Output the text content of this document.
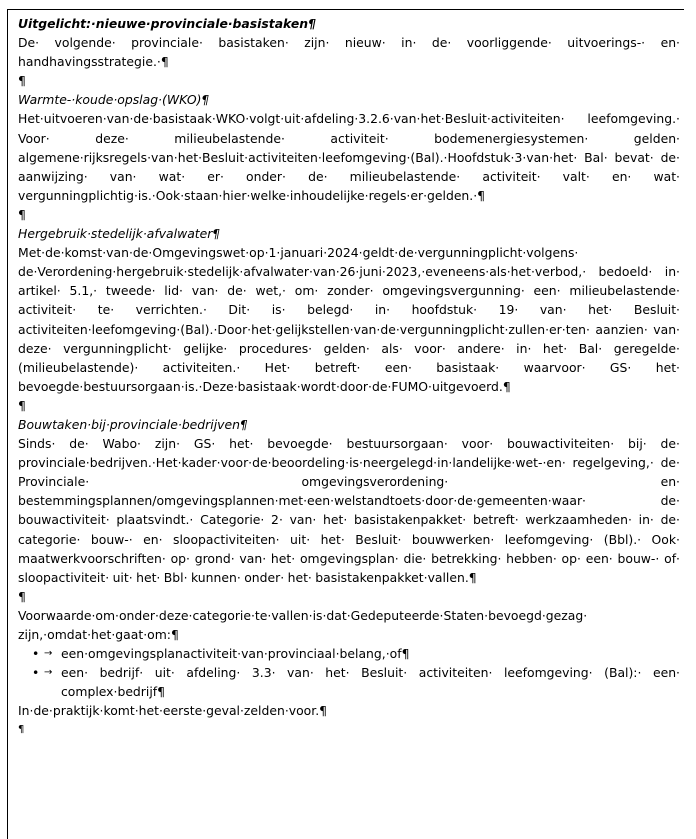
Uitgelicht:·nieuwe·provinciale·basistaken¶

De· volgende· provinciale· basistaken· zijn· nieuw· in· de· voorliggende· uitvoerings-· en· handhavingsstrategie.·¶

¶

Warmte-·koude·opslag·(WKO)¶

Het·uitvoeren·van·de·basistaak·WKO·volgt·uit·afdeling·3.2.6·van·het·Besluit·activiteiten· leefomgeving.· Voor· deze· milieubelastende· activiteit· bodemenergiesystemen· gelden· algemene·rijksregels·van·het·Besluit·activiteiten·leefomgeving·(Bal).·Hoofdstuk·3·van·het· Bal· bevat· de· aanwijzing· van· wat· er· onder· de· milieubelastende· activiteit· valt· en· wat· vergunningplichtig·is.·Ook·staan·hier·welke·inhoudelijke·regels·er·gelden.·¶

¶

Hergebruik·stedelijk·afvalwater¶

Met·de·komst·van·de·Omgevingswet·op·1·januari·2024·geldt·de·vergunningplicht·volgens· de·Verordening·hergebruik·stedelijk·afvalwater·van·26·juni·2023,·eveneens·als·het·verbod,· bedoeld· in· artikel· 5.1,· tweede· lid· van· de· wet,· om· zonder· omgevingsvergunning· een· milieubelastende· activiteit· te· verrichten.· Dit· is· belegd· in· hoofdstuk· 19· van· het· Besluit· activiteiten·leefomgeving·(Bal).·Door·het·gelijkstellen·van·de·vergunningplicht·zullen·er·ten· aanzien· van· deze· vergunningplicht· gelijke· procedures· gelden· als· voor· andere· in· het· Bal· geregelde· (milieubelastende)· activiteiten.· Het· betreft· een· basistaak· waarvoor· GS· het· bevoegde·bestuursorgaan·is.·Deze·basistaak·wordt·door·de·FUMO·uitgevoerd.¶

¶

Bouwtaken·bij·provinciale·bedrijven¶

Sinds· de· Wabo· zijn· GS· het· bevoegde· bestuursorgaan· voor· bouwactiviteiten· bij· de· provinciale·bedrijven.·Het·kader·voor·de·beoordeling·is·neergelegd·in·landelijke·wet-·en· regelgeving,· de· Provinciale· omgevingsverordening· en· bestemmingsplannen/omgevingsplannen·met·een·welstandtoets·door·de·gemeenten·waar· de· bouwactiviteit· plaatsvindt.· Categorie· 2· van· het· basistakenpakket· betreft· werkzaamheden· in· de· categorie· bouw-· en· sloopactiviteiten· uit· het· Besluit· bouwwerken· leefomgeving· (Bbl).· Ook· maatwerkvoorschriften· op· grond· van· het· omgevingsplan· die· betrekking· hebben· op· een· bouw-· of· sloopactiviteit· uit· het· Bbl· kunnen· onder· het· basistakenpakket·vallen.¶

¶

Voorwaarde·om·onder·deze·categorie·te·vallen·is·dat·Gedeputeerde·Staten·bevoegd·gezag· zijn,·omdat·het·gaat·om:¶

• → een·omgevingsplanactiviteit·van·provinciaal·belang,·of¶
• → een· bedrijf· uit· afdeling· 3.3· van· het· Besluit· activiteiten· leefomgeving· (Bal):· een· complex·bedrijf¶

In·de·praktijk·komt·het·eerste·geval·zelden·voor.¶

¶
